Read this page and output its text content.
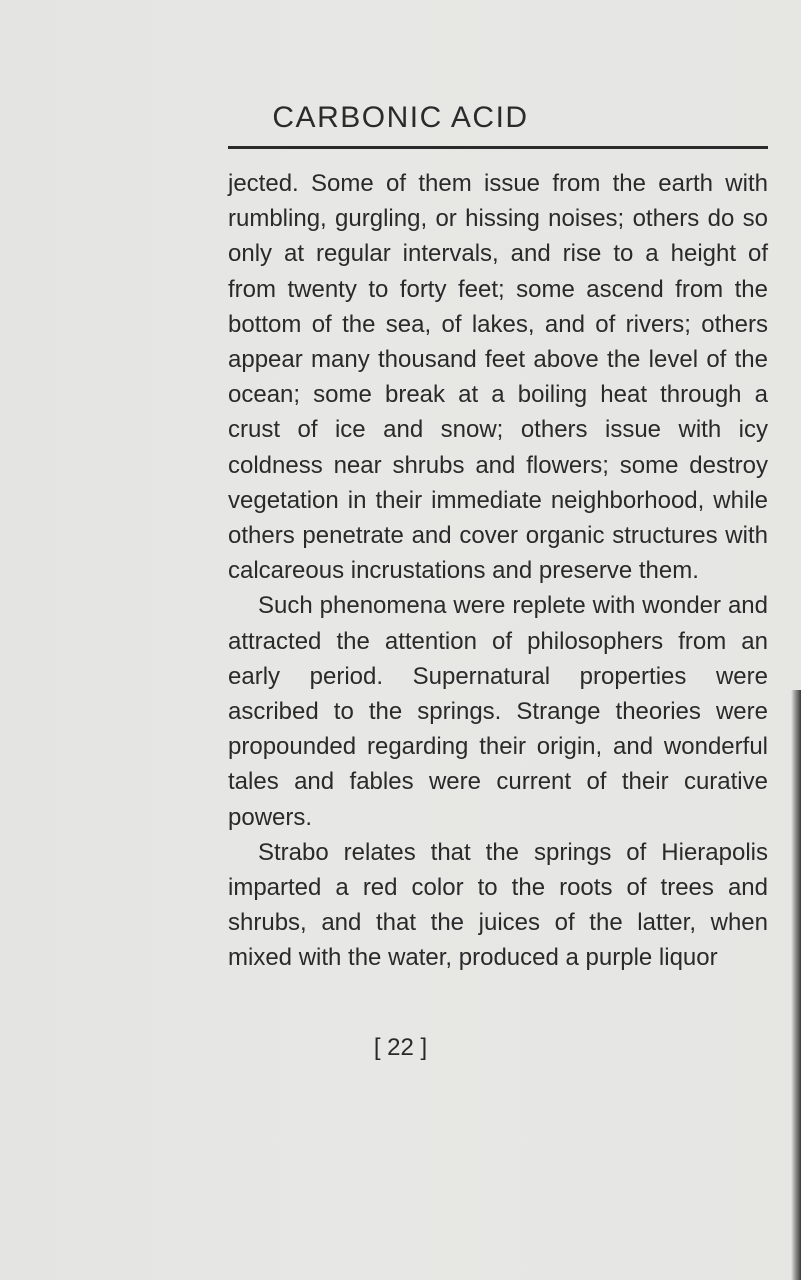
CARBONIC ACID

jected. Some of them issue from the earth with rumbling, gurgling, or hissing noises; others do so only at regular intervals, and rise to a height of from twenty to forty feet; some ascend from the bottom of the sea, of lakes, and of rivers; others appear many thousand feet above the level of the ocean; some break at a boiling heat through a crust of ice and snow; others issue with icy coldness near shrubs and flowers; some destroy vegetation in their immediate neighborhood, while others penetrate and cover organic structures with calcareous incrustations and preserve them.

Such phenomena were replete with wonder and attracted the attention of philosophers from an early period. Supernatural properties were ascribed to the springs. Strange theories were propounded regarding their origin, and wonderful tales and fables were current of their curative powers.

Strabo relates that the springs of Hierapolis imparted a red color to the roots of trees and shrubs, and that the juices of the latter, when mixed with the water, produced a purple liquor

[ 22 ]
